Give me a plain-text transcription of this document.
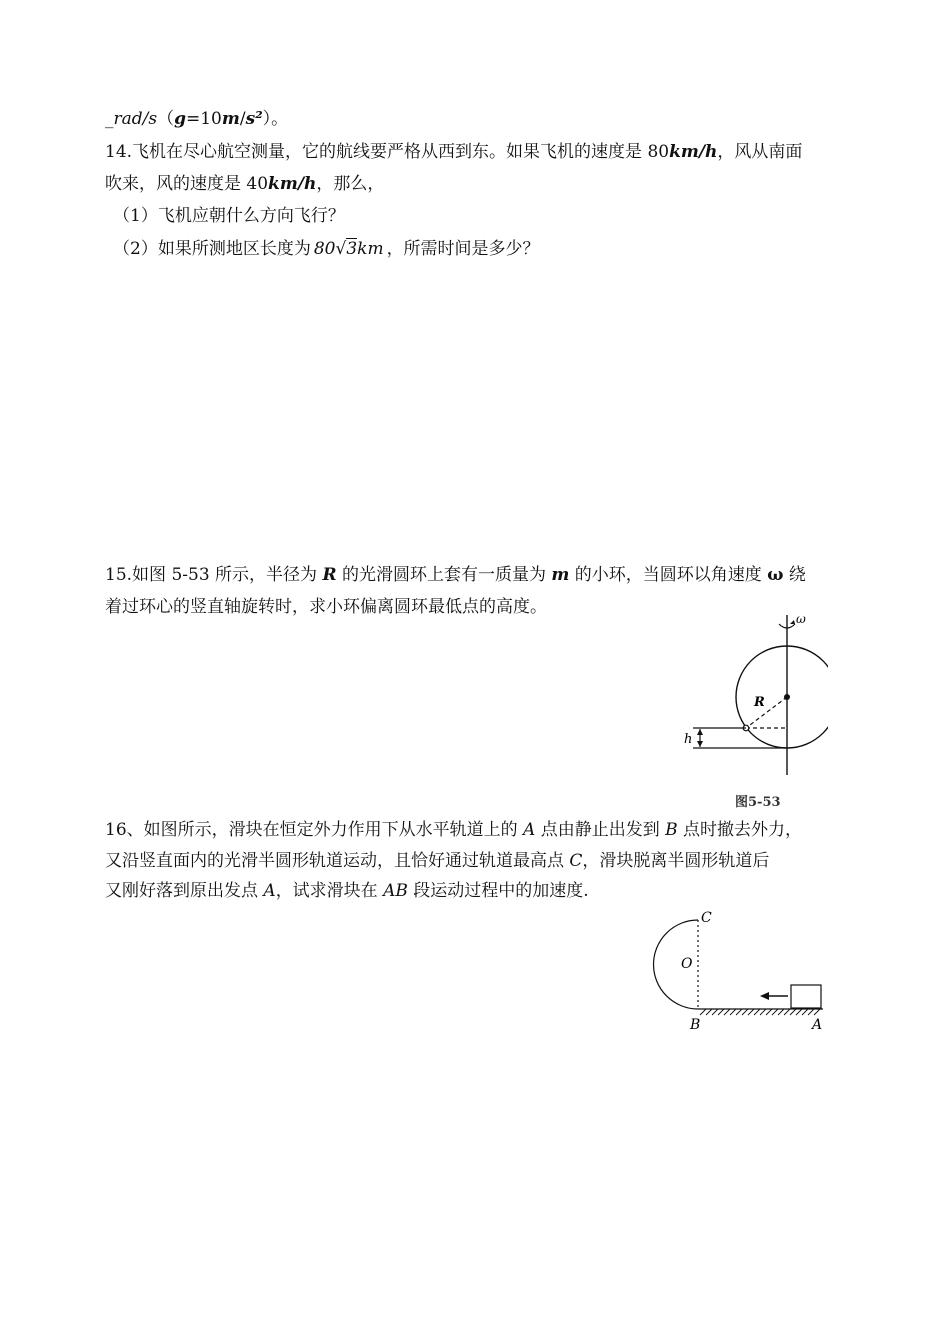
_rad/s（g=10m/s²）。
14.飞机在尽心航空测量，它的航线要严格从西到东。如果飞机的速度是 80km/h，风从南面
吹来，风的速度是 40km/h，那么，
（1）飞机应朝什么方向飞行？
（2）如果所测地区长度为 80√3km ，所需时间是多少？
15.如图 5-53 所示，半径为 R 的光滑圆环上套有一质量为 m 的小环，当圆环以角速度 ω 绕
着过环心的竖直轴旋转时，求小环偏离圆环最低点的高度。
ω
R
h
图5-53
16、如图所示，滑块在恒定外力作用下从水平轨道上的 A 点由静止出发到 B 点时撤去外力，
又沿竖直面内的光滑半圆形轨道运动，且恰好通过轨道最高点 C，滑块脱离半圆形轨道后
又刚好落到原出发点 A，试求滑块在 AB 段运动过程中的加速度.
C
O
B	A
